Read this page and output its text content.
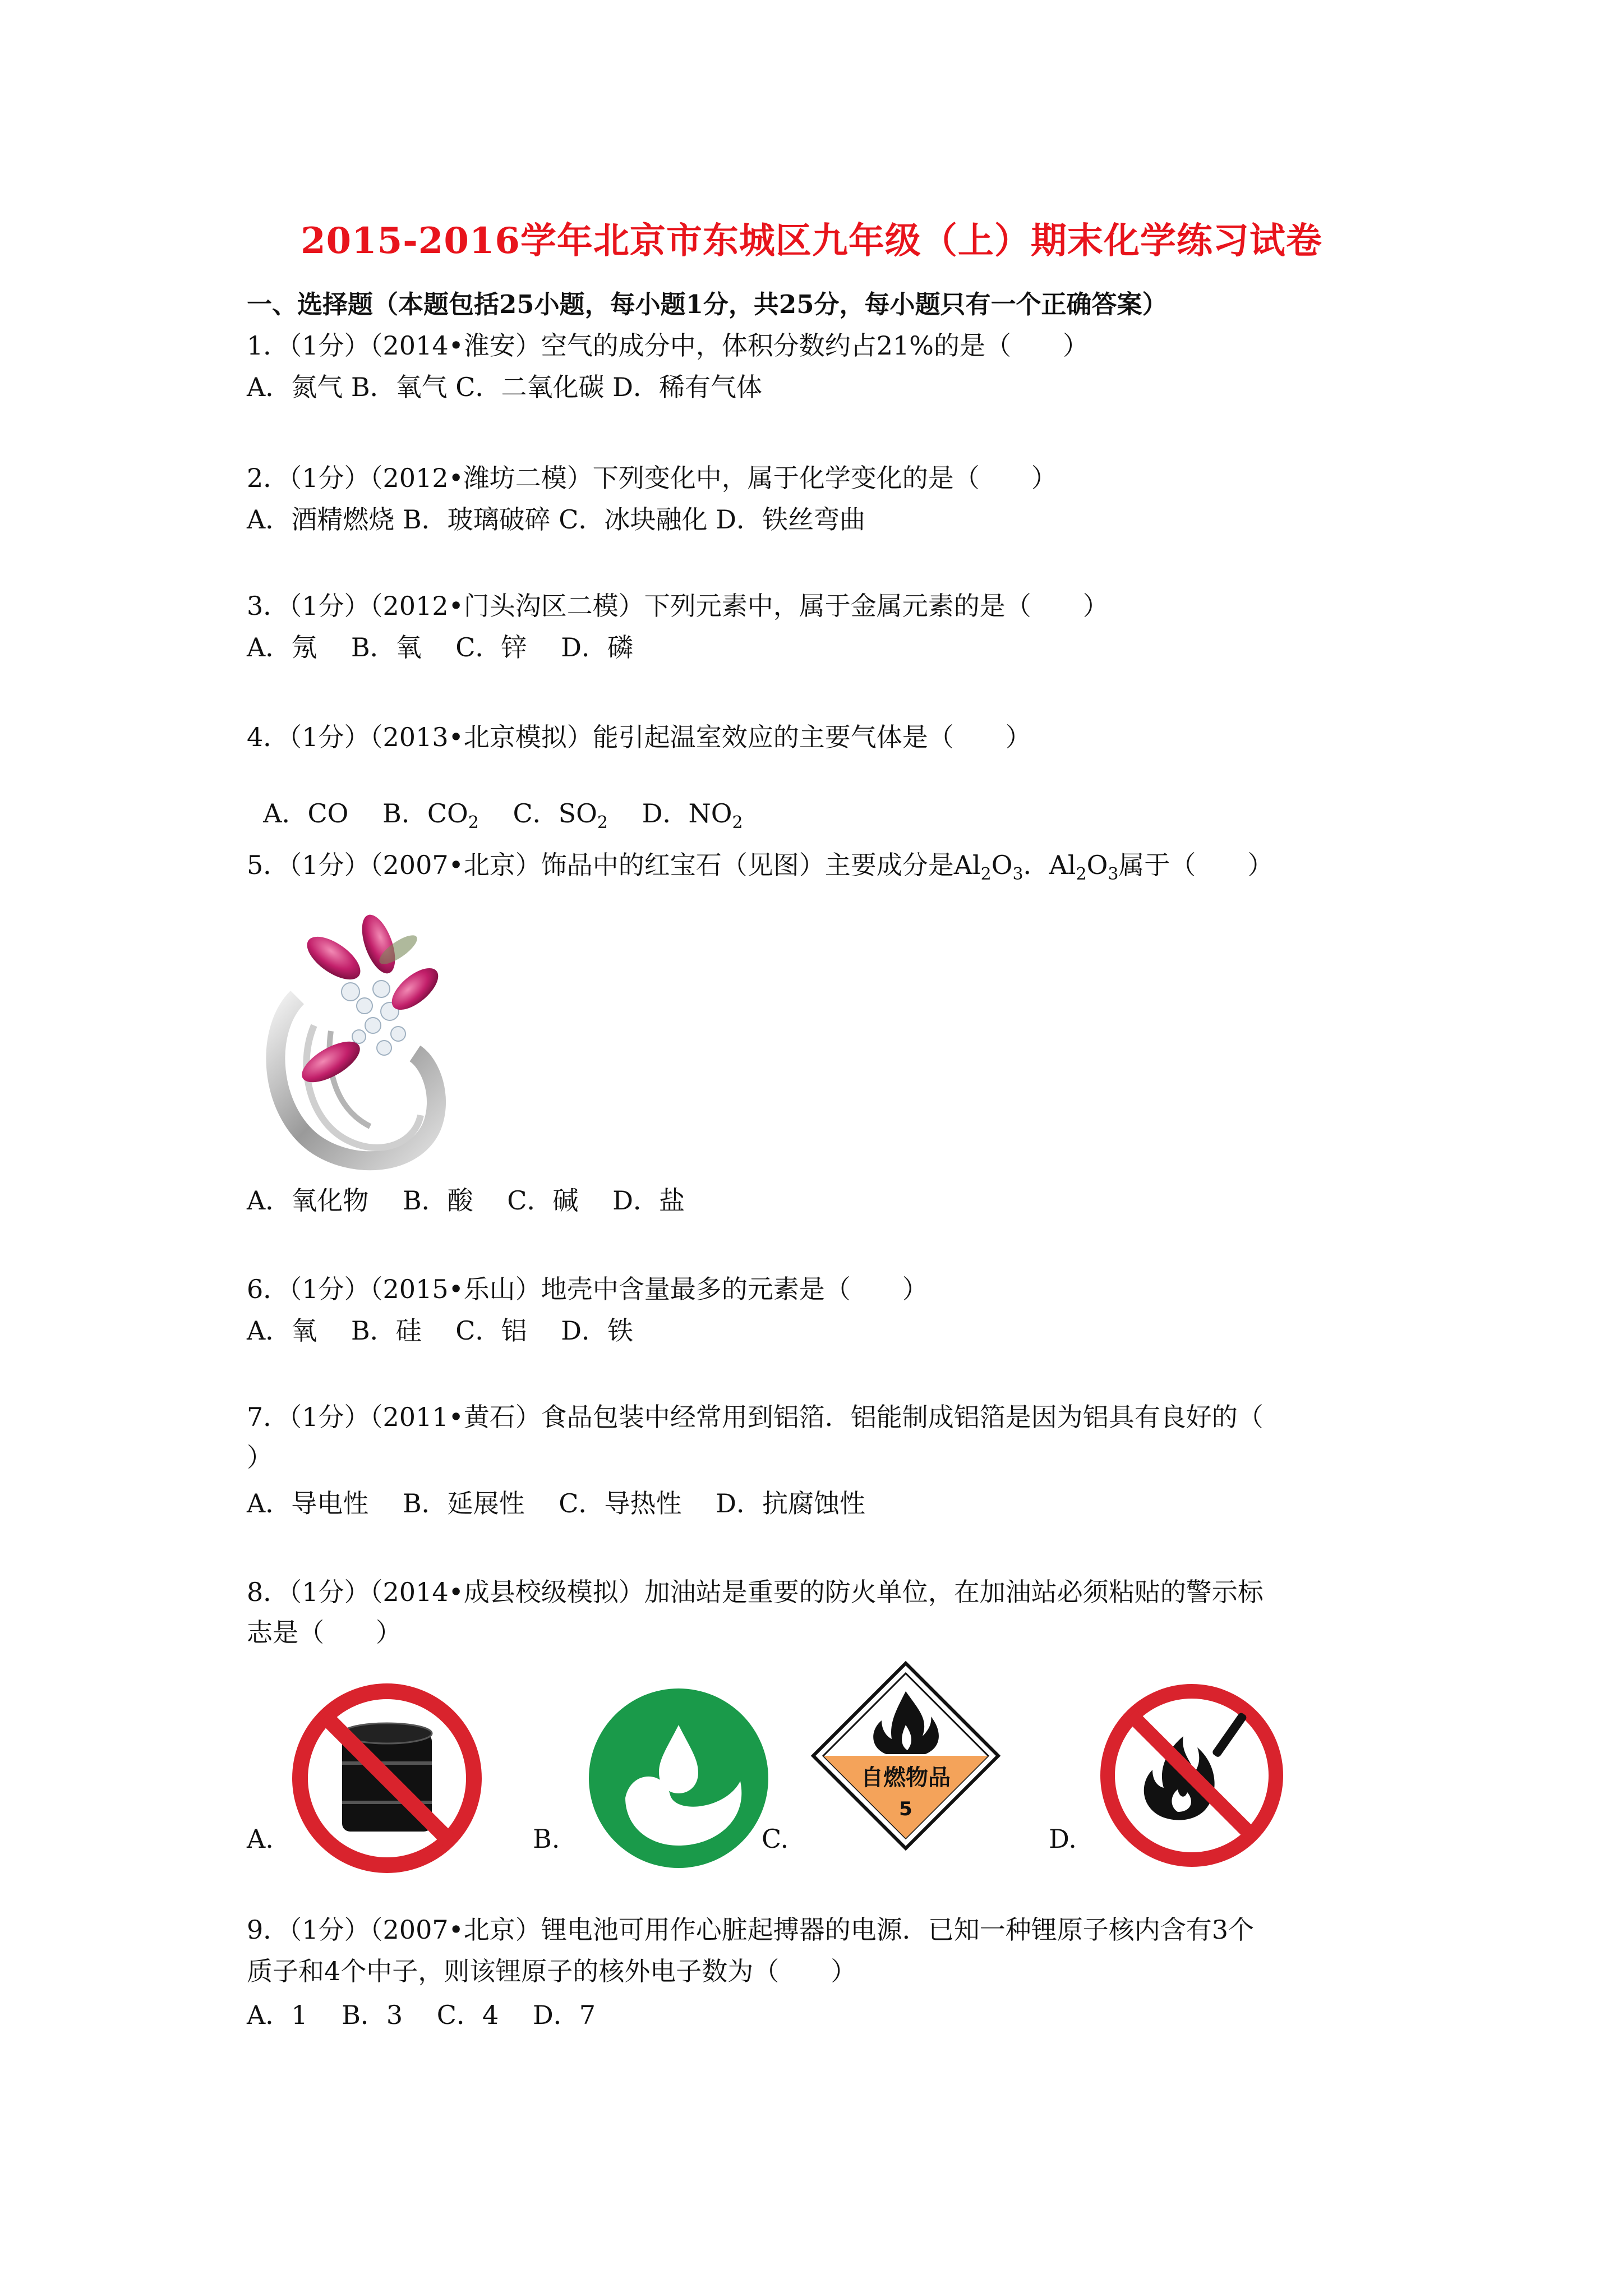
2015-2016学年北京市东城区九年级（上）期末化学练习试卷
一、选择题（本题包括25小题，每小题1分，共25分，每小题只有一个正确答案）
1．（1分）（2014•淮安）空气的成分中，体积分数约占21%的是（　　）
A．氮气 B．氧气 C．二氧化碳 D．稀有气体
2．（1分）（2012•潍坊二模）下列变化中，属于化学变化的是（　　）
A．酒精燃烧 B．玻璃破碎 C．冰块融化 D．铁丝弯曲
3．（1分）（2012•门头沟区二模）下列元素中，属于金属元素的是（　　）
A．氖　 B．氧　 C．锌　 D．磷
4．（1分）（2013•北京模拟）能引起温室效应的主要气体是（　　）

A．CO　 B．$CO_2$　 C．$SO_2$　 D．$NO_2$

5．（1分）（2007•北京）饰品中的红宝石（见图）主要成分是$Al_2O_3$．$Al_2O_3$属于（　　）
A．氧化物　 B．酸　 C．碱　 D．盐
6．（1分）（2015•乐山）地壳中含量最多的元素是（　　）
A．氧　 B．硅　 C．铝　 D．铁
7．（1分）（2011•黄石）食品包装中经常用到铝箔．铝能制成铝箔是因为铝具有良好的（
）
A．导电性　 B．延展性　 C．导热性　 D．抗腐蚀性
8．（1分）（2014•成县校级模拟）加油站是重要的防火单位，在加油站必须粘贴的警示标
志是（　　）
A.	B.
自燃物品
5
C.	D.
9．（1分）（2007•北京）锂电池可用作心脏起搏器的电源．已知一种锂原子核内含有3个
质子和4个中子，则该锂原子的核外电子数为（　　）
A．1　 B．3　 C．4　 D．7
